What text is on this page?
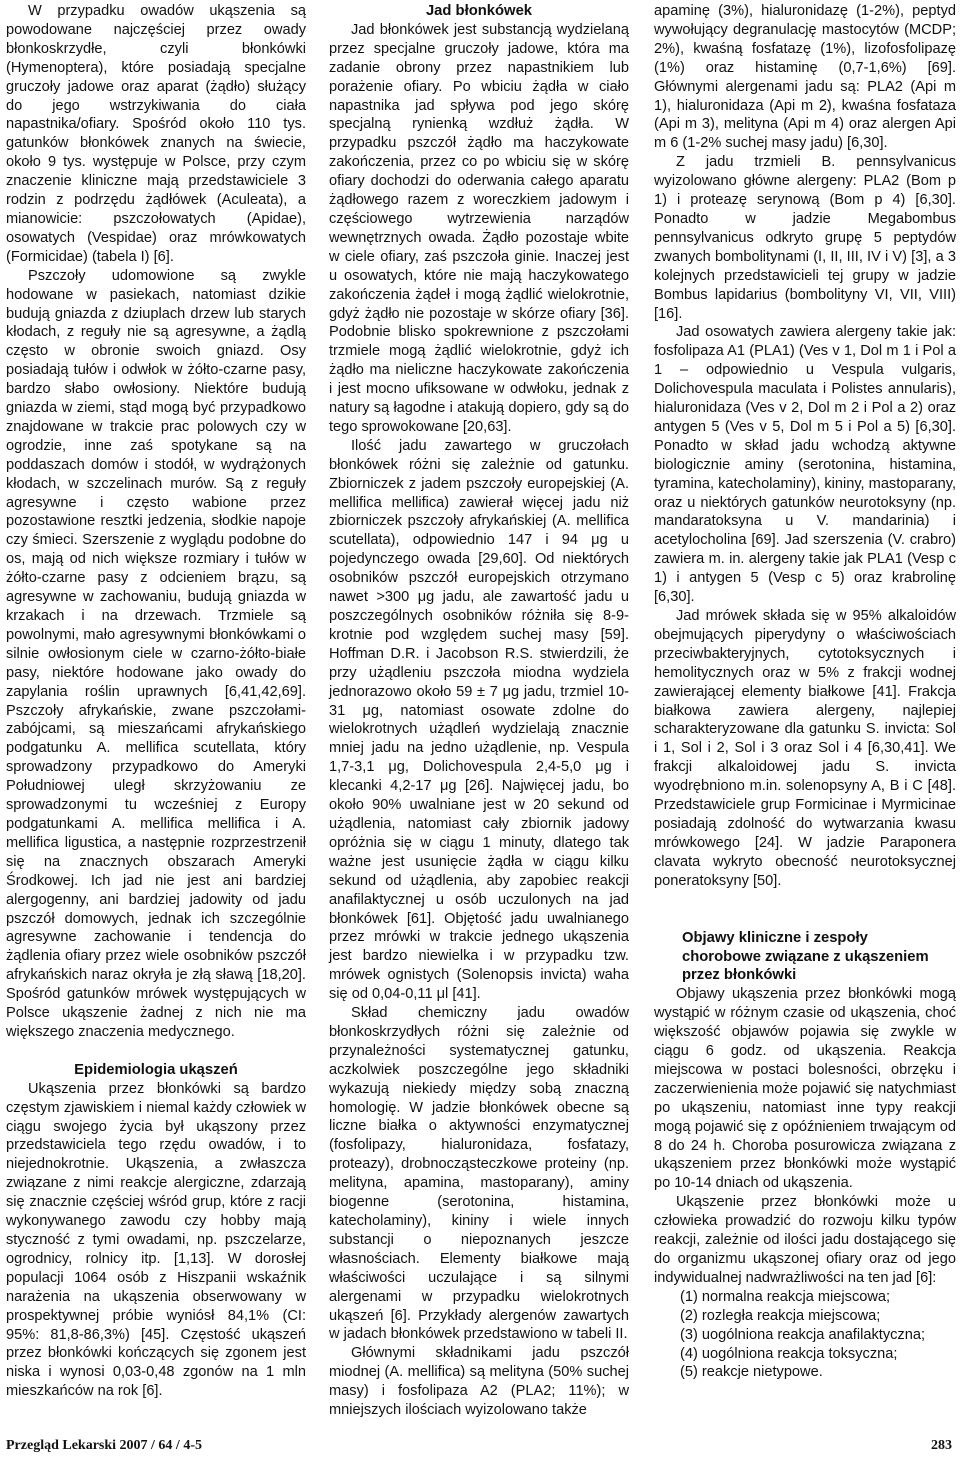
W przypadku owadów ukąszenia są powodowane najczęściej przez owady błonkoskrzydłe, czyli błonkówki (Hymenoptera), które posiadają specjalne gruczoły jadowe oraz aparat (żądło) służący do jego wstrzykiwania do ciała napastnika/ofiary. Spośród około 110 tys. gatunków błonkówek znanych na świecie, około 9 tys. występuje w Polsce, przy czym znaczenie kliniczne mają przedstawiciele 3 rodzin z podrzędu żądłówek (Aculeata), a mianowicie: pszczołowatych (Apidae), osowatych (Vespidae) oraz mrówkowatych (Formicidae) (tabela I) [6].

Pszczoły udomowione są zwykle hodowane w pasiekach, natomiast dzikie budują gniazda z dziuplach drzew lub starych kłodach, z reguły nie są agresywne, a żądlą często w obronie swoich gniazd. Osy posiadają tułów i odwłok w żółto-czarne pasy, bardzo słabo owłosiony. Niektóre budują gniazda w ziemi, stąd mogą być przypadkowo znajdowane w trakcie prac polowych czy w ogrodzie, inne zaś spotykane są na poddaszach domów i stodół, w wydrążonych kłodach, w szczelinach murów. Są z reguły agresywne i często wabione przez pozostawione resztki jedzenia, słodkie napoje czy śmieci. Szerszenie z wyglądu podobne do os, mają od nich większe rozmiary i tułów w żółto-czarne pasy z odcieniem brązu, są agresywne w zachowaniu, budują gniazda w krzakach i na drzewach. Trzmiele są powolnymi, mało agresywnymi błonkówkami o silnie owłosionym ciele w czarno-żółto-białe pasy, niektóre hodowane jako owady do zapylania roślin uprawnych [6,41,42,69]. Pszczoły afrykańskie, zwane pszczołami-zabójcami, są mieszańcami afrykańskiego podgatunku A. mellifica scutellata, który sprowadzony przypadkowo do Ameryki Południowej uległ skrzyżowaniu ze sprowadzonymi tu wcześniej z Europy podgatunkami A. mellifica mellifica i A. mellifica ligustica, a następnie rozprzestrzenił się na znacznych obszarach Ameryki Środkowej. Ich jad nie jest ani bardziej alergogenny, ani bardziej jadowity od jadu pszczół domowych, jednak ich szczególnie agresywne zachowanie i tendencja do żądlenia ofiary przez wiele osobników pszczół afrykańskich naraz okryła je złą sławą [18,20]. Spośród gatunków mrówek występujących w Polsce ukąszenie żadnej z nich nie ma większego znaczenia medycznego.

Epidemiologia ukąszeń

Ukąszenia przez błonkówki są bardzo częstym zjawiskiem i niemal każdy człowiek w ciągu swojego życia był ukąszony przez przedstawiciela tego rzędu owadów, i to niejednokrotnie. Ukąszenia, a zwłaszcza związane z nimi reakcje alergiczne, zdarzają się znacznie częściej wśród grup, które z racji wykonywanego zawodu czy hobby mają styczność z tymi owadami, np. pszczelarze, ogrodnicy, rolnicy itp. [1,13]. W dorosłej populacji 1064 osób z Hiszpanii wskaźnik narażenia na ukąszenia obserwowany w prospektywnej próbie wyniósł 84,1% (CI: 95%: 81,8-86,3%) [45]. Częstość ukąszeń przez błonkówki kończących się zgonem jest niska i wynosi 0,03-0,48 zgonów na 1 mln mieszkańców na rok [6].

Jad błonkówek

Jad błonkówek jest substancją wydzielaną przez specjalne gruczoły jadowe, która ma zadanie obrony przez napastnikiem lub porażenie ofiary. Po wbiciu żądła w ciało napastnika jad spływa pod jego skórę specjalną rynienką wzdłuż żądła. W przypadku pszczół żądło ma haczykowate zakończenia, przez co po wbiciu się w skórę ofiary dochodzi do oderwania całego aparatu żądłowego razem z woreczkiem jadowym i częściowego wytrzewienia narządów wewnętrznych owada. Żądło pozostaje wbite w ciele ofiary, zaś pszczoła ginie. Inaczej jest u osowatych, które nie mają haczykowatego zakończenia żądeł i mogą żądlić wielokrotnie, gdyż żądło nie pozostaje w skórze ofiary [36]. Podobnie blisko spokrewnione z pszczołami trzmiele mogą żądlić wielokrotnie, gdyż ich żądło ma nieliczne haczykowate zakończenia i jest mocno ufiksowane w odwłoku, jednak z natury są łagodne i atakują dopiero, gdy są do tego sprowokowane [20,63].

Ilość jadu zawartego w gruczołach błonkówek różni się zależnie od gatunku. Zbiorniczek z jadem pszczoły europejskiej (A. mellifica mellifica) zawierał więcej jadu niż zbiorniczek pszczoły afrykańskiej (A. mellifica scutellata), odpowiednio 147 i 94 μg u pojedynczego owada [29,60]. Od niektórych osobników pszczół europejskich otrzymano nawet >300 μg jadu, ale zawartość jadu u poszczególnych osobników różniła się 8-9-krotnie pod względem suchej masy [59]. Hoffman D.R. i Jacobson R.S. stwierdzili, że przy użądleniu pszczoła miodna wydziela jednorazowo około 59 ± 7 μg jadu, trzmiel 10-31 μg, natomiast osowate zdolne do wielokrotnych użądleń wydzielają znacznie mniej jadu na jedno użądlenie, np. Vespula 1,7-3,1 μg, Dolichovespula 2,4-5,0 μg i klecanki 4,2-17 μg [26]. Najwięcej jadu, bo około 90% uwalniane jest w 20 sekund od użądlenia, natomiast cały zbiornik jadowy opróżnia się w ciągu 1 minuty, dlatego tak ważne jest usunięcie żądła w ciągu kilku sekund od użądlenia, aby zapobiec reakcji anafilaktycznej u osób uczulonych na jad błonkówek [61]. Objętość jadu uwalnianego przez mrówki w trakcie jednego ukąszenia jest bardzo niewielka i w przypadku tzw. mrówek ognistych (Solenopsis invicta) waha się od 0,04-0,11 μl [41].

Skład chemiczny jadu owadów błonkoskrzydłych różni się zależnie od przynależności systematycznej gatunku, aczkolwiek poszczególne jego składniki wykazują niekiedy między sobą znaczną homologię. W jadzie błonkówek obecne są liczne białka o aktywności enzymatycznej (fosfolipazy, hialuronidaza, fosfatazy, proteazy), drobnocząsteczkowe proteiny (np. melityna, apamina, mastoparany), aminy biogenne (serotonina, histamina, katecholaminy), kininy i wiele innych substancji o niepoznanych jeszcze własnościach. Elementy białkowe mają właściwości uczulające i są silnymi alergenami w przypadku wielokrotnych ukąszeń [6]. Przykłady alergenów zawartych w jadach błonkówek przedstawiono w tabeli II.

Głównymi składnikami jadu pszczół miodnej (A. mellifica) są melityna (50% suchej masy) i fosfolipaza A2 (PLA2; 11%); w mniejszych ilościach wyizolowano także

apaminę (3%), hialuronidazę (1-2%), peptyd wywołujący degranulację mastocytów (MCDP; 2%), kwaśną fosfatazę (1%), lizofosfolipazę (1%) oraz histaminę (0,7-1,6%) [69]. Głównymi alergenami jadu są: PLA2 (Api m 1), hialuronidaza (Api m 2), kwaśna fosfataza (Api m 3), melityna (Api m 4) oraz alergen Api m 6 (1-2% suchej masy jadu) [6,30].

Z jadu trzmieli B. pennsylvanicus wyizolowano główne alergeny: PLA2 (Bom p 1) i proteazę serynową (Bom p 4) [6,30]. Ponadto w jadzie Megabombus pennsylvanicus odkryto grupę 5 peptydów zwanych bombolitynami (I, II, III, IV i V) [3], a 3 kolejnych przedstawicieli tej grupy w jadzie Bombus lapidarius (bombolityny VI, VII, VIII) [16].

Jad osowatych zawiera alergeny takie jak: fosfolipaza A1 (PLA1) (Ves v 1, Dol m 1 i Pol a 1 – odpowiednio u Vespula vulgaris, Dolichovespula maculata i Polistes annularis), hialuronidaza (Ves v 2, Dol m 2 i Pol a 2) oraz antygen 5 (Ves v 5, Dol m 5 i Pol a 5) [6,30]. Ponadto w skład jadu wchodzą aktywne biologicznie aminy (serotonina, histamina, tyramina, katecholaminy), kininy, mastoparany, oraz u niektórych gatunków neurotoksyny (np. mandaratoksyna u V. mandarinia) i acetylocholina [69]. Jad szerszenia (V. crabro) zawiera m. in. alergeny takie jak PLA1 (Vesp c 1) i antygen 5 (Vesp c 5) oraz krabrolinę [6,30].

Jad mrówek składa się w 95% alkaloidów obejmujących piperydyny o właściwościach przeciwbakteryjnych, cytotoksycznych i hemolitycznych oraz w 5% z frakcji wodnej zawierającej elementy białkowe [41]. Frakcja białkowa zawiera alergeny, najlepiej scharakteryzowane dla gatunku S. invicta: Sol i 1, Sol i 2, Sol i 3 oraz Sol i 4 [6,30,41]. We frakcji alkaloidowej jadu S. invicta wyodrębniono m.in. solenopsyny A, B i C [48]. Przedstawiciele grup Formicinae i Myrmicinae posiadają zdolność do wytwarzania kwasu mrówkowego [24]. W jadzie Paraponera clavata wykryto obecność neurotoksycznej poneratoksyny [50].

Objawy kliniczne i zespoły
chorobowe związane z ukąszeniem
przez błonkówki

Objawy ukąszenia przez błonkówki mogą wystąpić w różnym czasie od ukąszenia, choć większość objawów pojawia się zwykle w ciągu 6 godz. od ukąszenia. Reakcja miejscowa w postaci bolesności, obrzęku i zaczerwienienia może pojawić się natychmiast po ukąszeniu, natomiast inne typy reakcji mogą pojawić się z opóźnieniem trwającym od 8 do 24 h. Choroba posurowicza związana z ukąszeniem przez błonkówki może wystąpić po 10-14 dniach od ukąszenia.

Ukąszenie przez błonkówki może u człowieka prowadzić do rozwoju kilku typów reakcji, zależnie od ilości jadu dostającego się do organizmu ukąszonej ofiary oraz od jego indywidualnej nadwrażliwości na ten jad [6]:

(1) normalna reakcja miejscowa;
(2) rozległa reakcja miejscowa;
(3) uogólniona reakcja anafilaktyczna;
(4) uogólniona reakcja toksyczna;
(5) reakcje nietypowe.
Przegląd Lekarski 2007 / 64 / 4-5	283
